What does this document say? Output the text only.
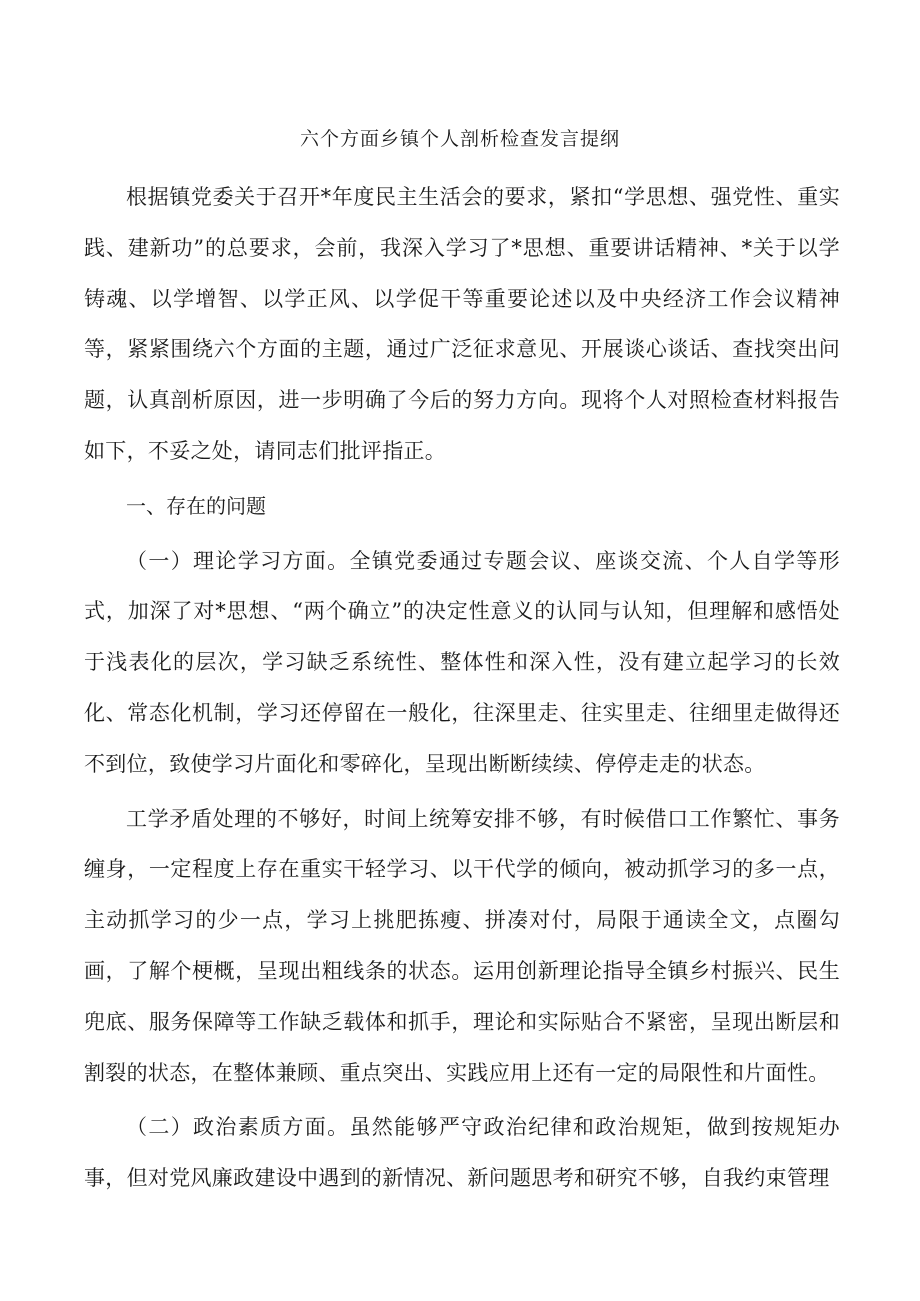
六个方面乡镇个人剖析检查发言提纲

根据镇党委关于召开*年度民主生活会的要求，紧扣“学思想、强党性、重实践、建新功”的总要求，会前，我深入学习了*思想、重要讲话精神、*关于以学铸魂、以学增智、以学正风、以学促干等重要论述以及中央经济工作会议精神等，紧紧围绕六个方面的主题，通过广泛征求意见、开展谈心谈话、查找突出问题，认真剖析原因，进一步明确了今后的努力方向。现将个人对照检查材料报告如下，不妥之处，请同志们批评指正。

一、存在的问题

（一）理论学习方面。全镇党委通过专题会议、座谈交流、个人自学等形式，加深了对*思想、“两个确立”的决定性意义的认同与认知，但理解和感悟处于浅表化的层次，学习缺乏系统性、整体性和深入性，没有建立起学习的长效化、常态化机制，学习还停留在一般化，往深里走、往实里走、往细里走做得还不到位，致使学习片面化和零碎化，呈现出断断续续、停停走走的状态。

工学矛盾处理的不够好，时间上统筹安排不够，有时候借口工作繁忙、事务缠身，一定程度上存在重实干轻学习、以干代学的倾向，被动抓学习的多一点，主动抓学习的少一点，学习上挑肥拣瘦、拼凑对付，局限于通读全文，点圈勾画，了解个梗概，呈现出粗线条的状态。运用创新理论指导全镇乡村振兴、民生兜底、服务保障等工作缺乏载体和抓手，理论和实际贴合不紧密，呈现出断层和割裂的状态，在整体兼顾、重点突出、实践应用上还有一定的局限性和片面性。

（二）政治素质方面。虽然能够严守政治纪律和政治规矩，做到按规矩办事，但对党风廉政建设中遇到的新情况、新问题思考和研究不够，自我约束管理
